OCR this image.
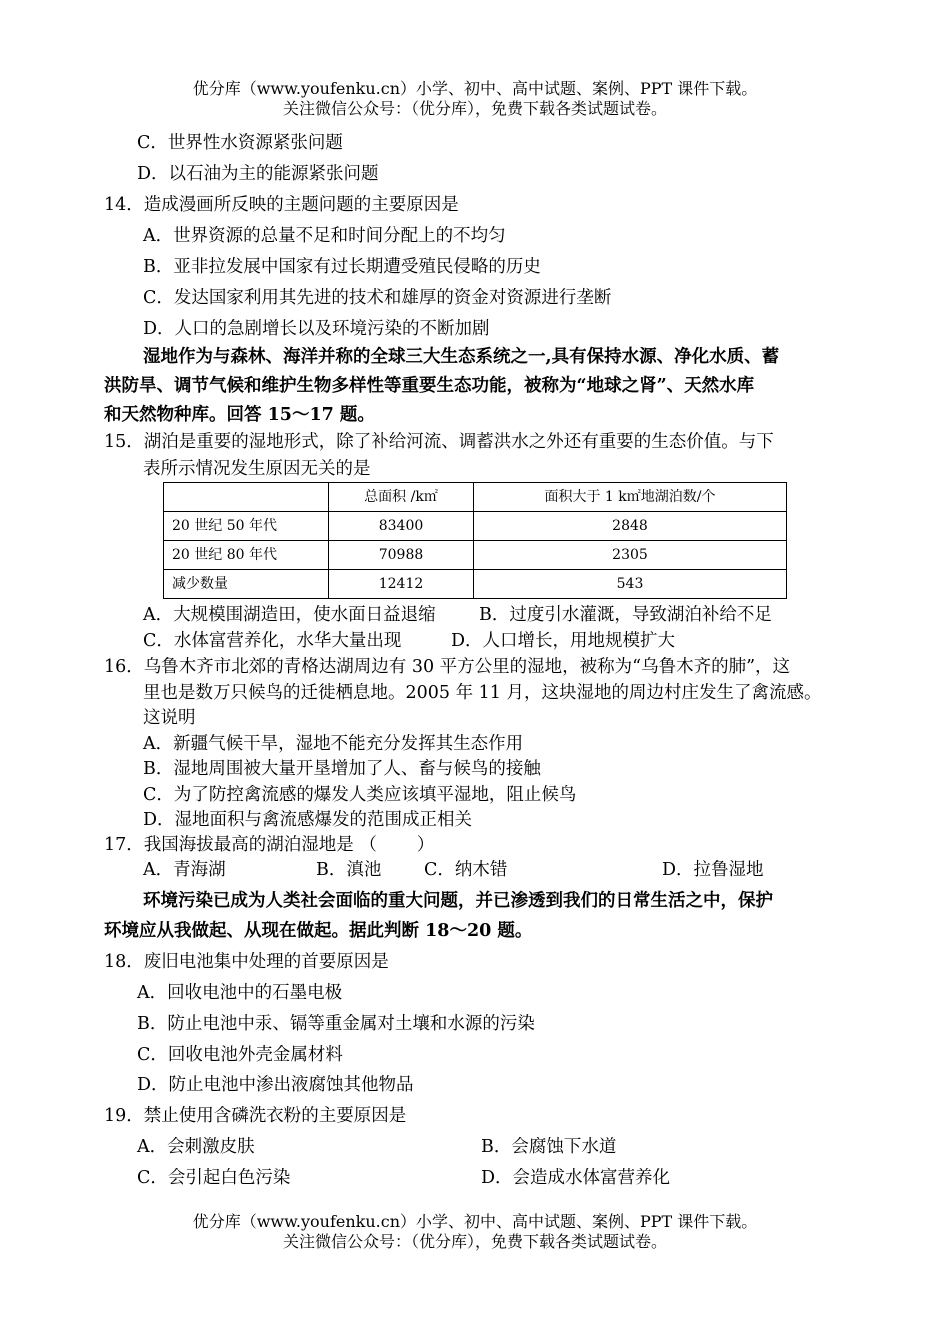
优分库（www.youfenku.cn）小学、初中、高中试题、案例、PPT 课件下载。
关注微信公众号：（优分库），免费下载各类试题试卷。
C．世界性水资源紧张问题
D．以石油为主的能源紧张问题
14．造成漫画所反映的主题问题的主要原因是
A．世界资源的总量不足和时间分配上的不均匀
B．亚非拉发展中国家有过长期遭受殖民侵略的历史
C．发达国家利用其先进的技术和雄厚的资金对资源进行垄断
D．人口的急剧增长以及环境污染的不断加剧
湿地作为与森林、海洋并称的全球三大生态系统之一,具有保持水源、净化水质、蓄
洪防旱、调节气候和维护生物多样性等重要生态功能，被称为“地球之肾”、天然水库
和天然物种库。回答 15～17 题。
15．湖泊是重要的湿地形式，除了补给河流、调蓄洪水之外还有重要的生态价值。与下
表所示情况发生原因无关的是
	总面积 /k㎡	面积大于 1 k㎡地湖泊数/个
20 世纪 50 年代	83400	2848
20 世纪 80 年代	70988	2305
减少数量	12412	543
A．大规模围湖造田，使水面日益退缩 B．过度引水灌溉，导致湖泊补给不足
C．水体富营养化，水华大量出现	D．人口增长，用地规模扩大
16．乌鲁木齐市北郊的青格达湖周边有 30 平方公里的湿地，被称为“乌鲁木齐的肺”，这
里也是数万只候鸟的迁徙栖息地。2005 年 11 月，这块湿地的周边村庄发生了禽流感。
这说明
A．新疆气候干旱，湿地不能充分发挥其生态作用
B．湿地周围被大量开垦增加了人、畜与候鸟的接触
C．为了防控禽流感的爆发人类应该填平湿地，阻止候鸟
D．湿地面积与禽流感爆发的范围成正相关
17．我国海拔最高的湖泊湿地是 （ ）
A．青海湖	B．滇池 C．纳木错	D．拉鲁湿地
环境污染已成为人类社会面临的重大问题，并已渗透到我们的日常生活之中，保护
环境应从我做起、从现在做起。据此判断 18～20 题。
18．废旧电池集中处理的首要原因是
A．回收电池中的石墨电极
B．防止电池中汞、镉等重金属对土壤和水源的污染
C．回收电池外壳金属材料
D．防止电池中渗出液腐蚀其他物品
19．禁止使用含磷洗衣粉的主要原因是
A．会刺激皮肤	B．会腐蚀下水道
C．会引起白色污染	D．会造成水体富营养化
优分库（www.youfenku.cn）小学、初中、高中试题、案例、PPT 课件下载。
关注微信公众号：（优分库），免费下载各类试题试卷。
